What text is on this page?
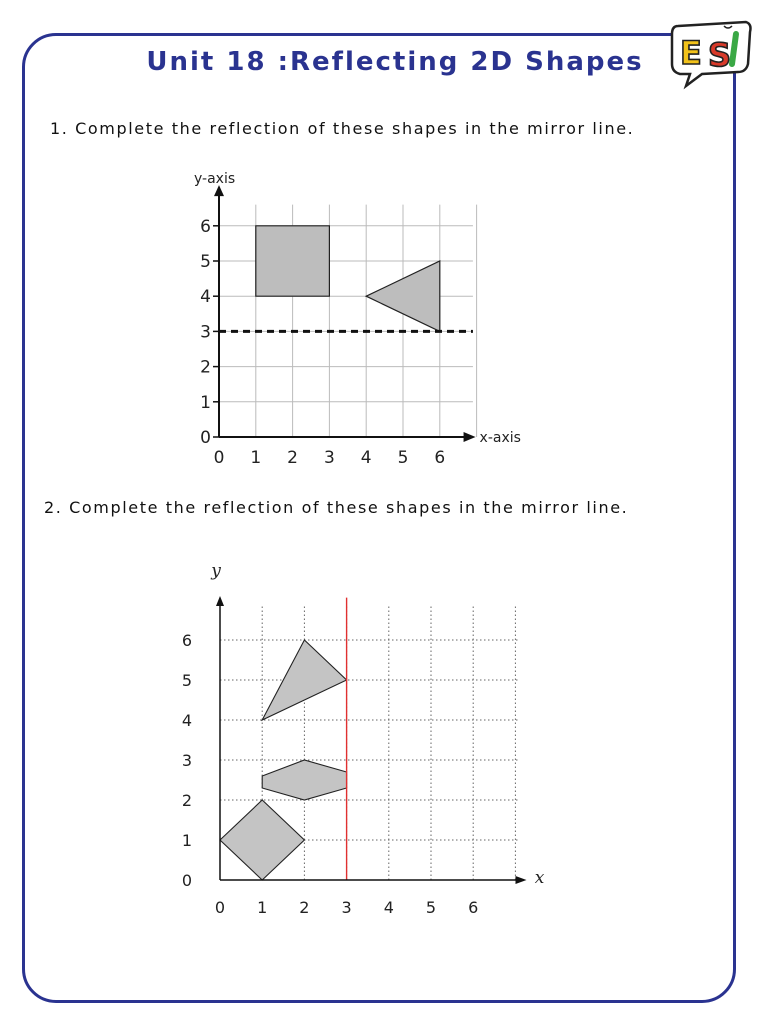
Unit 18 :Reflecting 2D Shapes	E S
1. Complete the reflection of these shapes in the mirror line.
2. Complete the reflection of these shapes in the mirror line.
0
1
2
3
4
5
6
0 1 2 3 4 5 6
y-axis
x-axis
0
1
2
3
4
5
6
0 1 2 3 4 5 6
y
x
